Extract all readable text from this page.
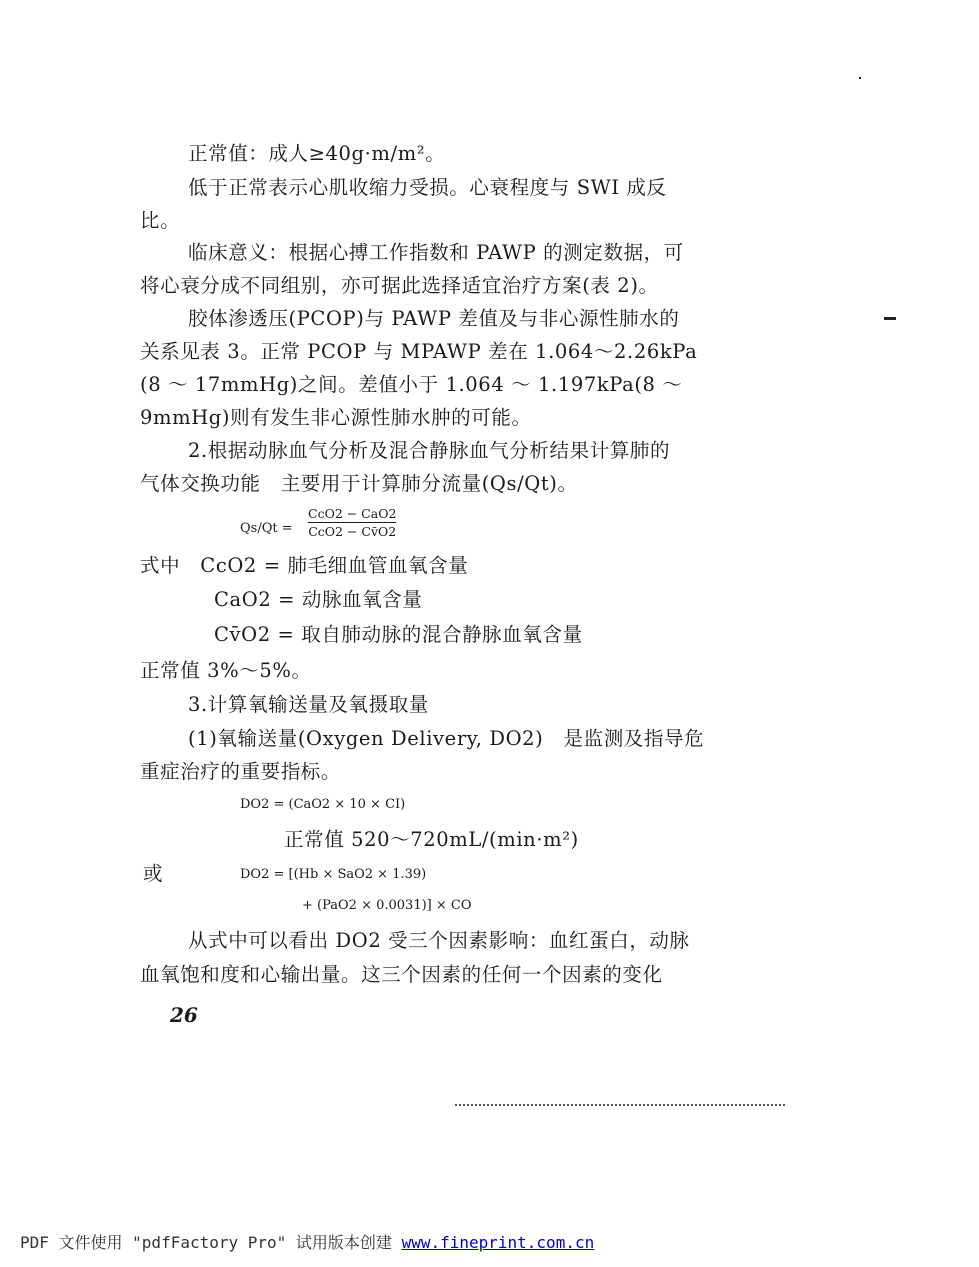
正常值：成人≥40g·m/m²。
低于正常表示心肌收缩力受损。心衰程度与 SWI 成反
比。
临床意义：根据心搏工作指数和 PAWP 的测定数据，可
将心衰分成不同组别，亦可据此选择适宜治疗方案(表 2)。
胶体渗透压(PCOP)与 PAWP 差值及与非心源性肺水的
关系见表 3。正常 PCOP 与 MPAWP 差在 1.064～2.26kPa
(8 ～ 17mmHg)之间。差值小于 1.064 ～ 1.197kPa(8 ～
9mmHg)则有发生非心源性肺水肿的可能。
2.根据动脉血气分析及混合静脉血气分析结果计算肺的
气体交换功能　主要用于计算肺分流量(Qs/Qt)。
Qs/Qt =
CcO2 − CaO2
CcO2 − Cv̄O2
式中　CcO2 = 肺毛细血管血氧含量
CaO2 = 动脉血氧含量
Cv̄O2 = 取自肺动脉的混合静脉血氧含量
正常值 3%～5%。
3.计算氧输送量及氧摄取量
(1)氧输送量(Oxygen Delivery, DO2)　是监测及指导危
重症治疗的重要指标。
DO2 = (CaO2 × 10 × CI)
正常值 520～720mL/(min·m²)
或	DO2 = [(Hb × SaO2 × 1.39)
+ (PaO2 × 0.0031)] × CO
从式中可以看出 DO2 受三个因素影响：血红蛋白，动脉
血氧饱和度和心输出量。这三个因素的任何一个因素的变化
26
PDF 文件使用 "pdfFactory Pro" 试用版本创建 www.fineprint.com.cn
